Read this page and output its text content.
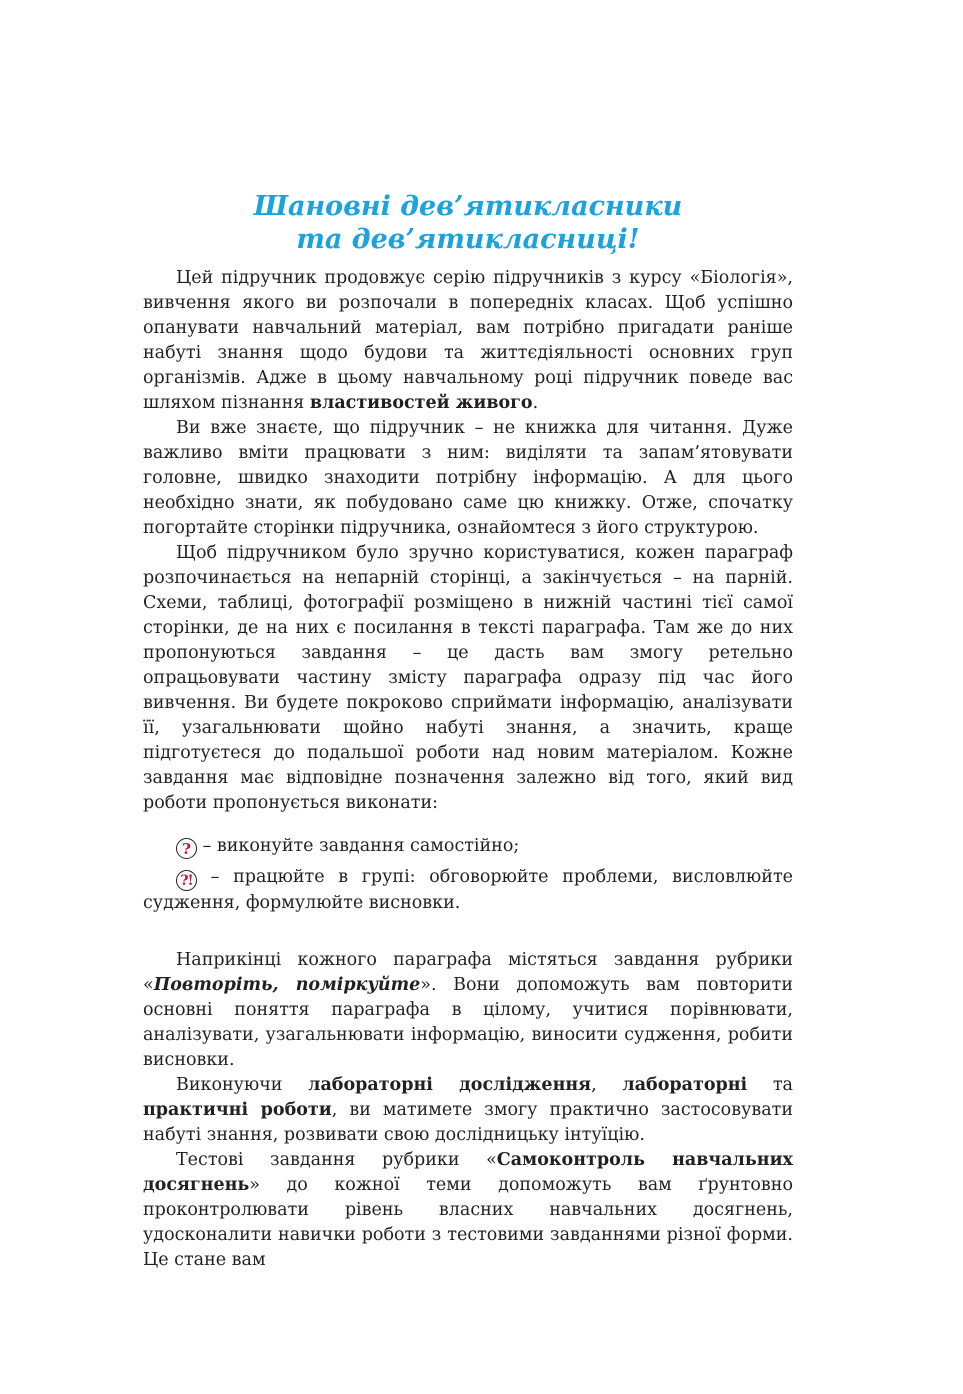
Шановні дев’ятикласники
та дев’ятикласниці!

Цей підручник продовжує серію підручників з курсу «Біологія», вивчення якого ви розпочали в попередніх класах. Щоб успішно опанувати навчальний матеріал, вам потрібно пригадати раніше набуті знання щодо будови та життєдіяльності основних груп організмів. Адже в цьому навчальному році підручник поведе вас шляхом пізнання властивостей живого.

Ви вже знаєте, що підручник – не книжка для читання. Дуже важливо вміти працювати з ним: виділяти та запам’ятовувати головне, швидко знаходити потрібну інформацію. А для цього необхідно знати, як побудовано саме цю книжку. Отже, спочатку погортайте сторінки підручника, ознайомтеся з його структурою.

Щоб підручником було зручно користуватися, кожен параграф розпочинається на непарній сторінці, а закінчується – на парній. Схеми, таблиці, фотографії розміщено в нижній частині тієї самої сторінки, де на них є посилання в тексті параграфа. Там же до них пропонуються завдання – це дасть вам змогу ретельно опрацьовувати частину змісту параграфа одразу під час його вивчення. Ви будете покроково сприймати інформацію, аналізувати її, узагальнювати щойно набуті знання, а значить, краще підготуєтеся до подальшої роботи над новим матеріалом. Кожне завдання має відповідне позначення залежно від того, який вид роботи пропонується виконати:

? – виконуйте завдання самостійно;

?! – працюйте в групі: обговорюйте проблеми, висловлюйте судження, формулюйте висновки.

Наприкінці кожного параграфа містяться завдання рубрики «Повторіть, поміркуйте». Вони допоможуть вам повторити основні поняття параграфа в цілому, учитися порівнювати, аналізувати, узагальнювати інформацію, виносити судження, робити висновки.

Виконуючи лабораторні дослідження, лабораторні та практичні роботи, ви матимете змогу практично застосовувати набуті знання, розвивати свою дослідницьку інтуїцію.

Тестові завдання рубрики «Самоконтроль навчальних досягнень» до кожної теми допоможуть вам ґрунтовно проконтролювати рівень власних навчальних досягнень, удосконалити навички роботи з тестовими завданнями різної форми. Це стане вам
